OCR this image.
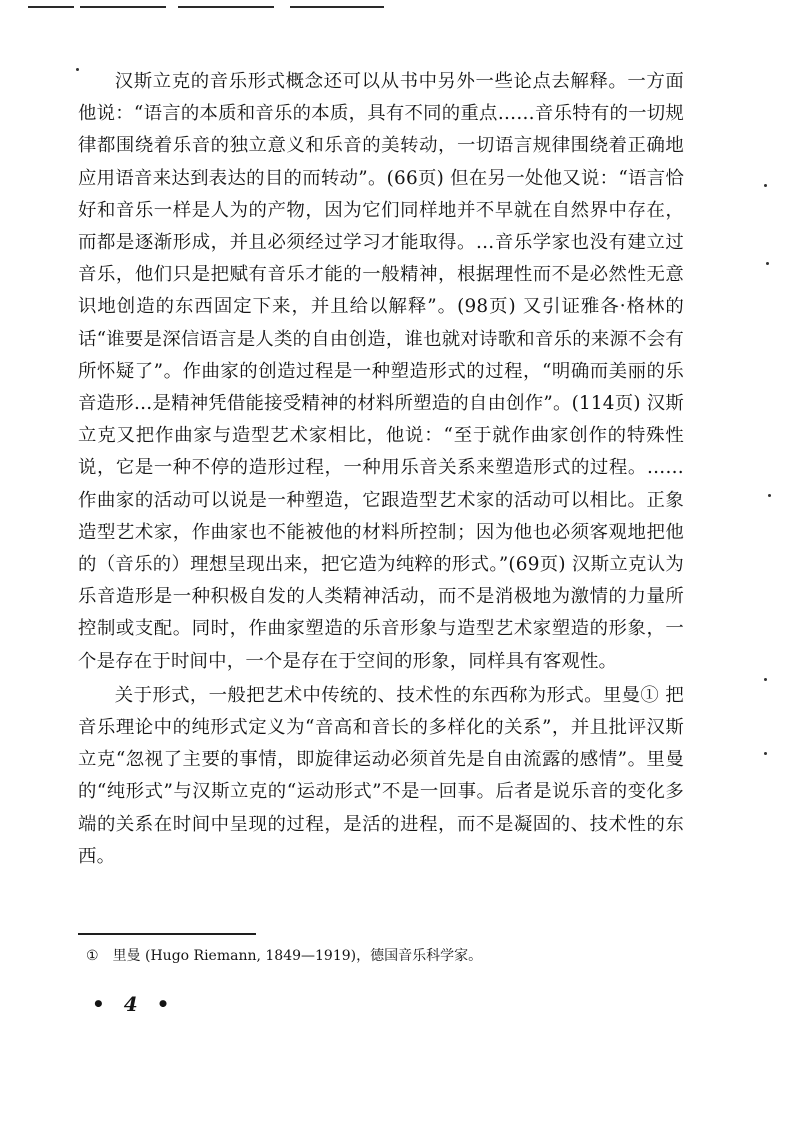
汉斯立克的音乐形式概念还可以从书中另外一些论点去解释。一方面他说：“语言的本质和音乐的本质，具有不同的重点……音乐特有的一切规律都围绕着乐音的独立意义和乐音的美转动，一切语言规律围绕着正确地应用语音来达到表达的目的而转动”。(66页) 但在另一处他又说：“语言恰好和音乐一样是人为的产物，因为它们同样地并不早就在自然界中存在，而都是逐渐形成，并且必须经过学习才能取得。…音乐学家也没有建立过音乐，他们只是把赋有音乐才能的一般精神，根据理性而不是必然性无意识地创造的东西固定下来，并且给以解释”。(98页) 又引证雅各·格林的话“谁要是深信语言是人类的自由创造，谁也就对诗歌和音乐的来源不会有所怀疑了”。作曲家的创造过程是一种塑造形式的过程，“明确而美丽的乐音造形…是精神凭借能接受精神的材料所塑造的自由创作”。(114页) 汉斯立克又把作曲家与造型艺术家相比，他说：“至于就作曲家创作的特殊性说，它是一种不停的造形过程，一种用乐音关系来塑造形式的过程。……作曲家的活动可以说是一种塑造，它跟造型艺术家的活动可以相比。正象造型艺术家，作曲家也不能被他的材料所控制；因为他也必须客观地把他的（音乐的）理想呈现出来，把它造为纯粹的形式。”(69页) 汉斯立克认为乐音造形是一种积极自发的人类精神活动，而不是消极地为激情的力量所控制或支配。同时，作曲家塑造的乐音形象与造型艺术家塑造的形象，一个是存在于时间中，一个是存在于空间的形象，同样具有客观性。

关于形式，一般把艺术中传统的、技术性的东西称为形式。里曼① 把音乐理论中的纯形式定义为“音高和音长的多样化的关系”，并且批评汉斯立克“忽视了主要的事情，即旋律运动必须首先是自由流露的感情”。里曼的“纯形式”与汉斯立克的“运动形式”不是一回事。后者是说乐音的变化多端的关系在时间中呈现的过程，是活的进程，而不是凝固的、技术性的东西。

① 里曼 (Hugo Riemann, 1849—1919)，德国音乐科学家。
• 4 •
